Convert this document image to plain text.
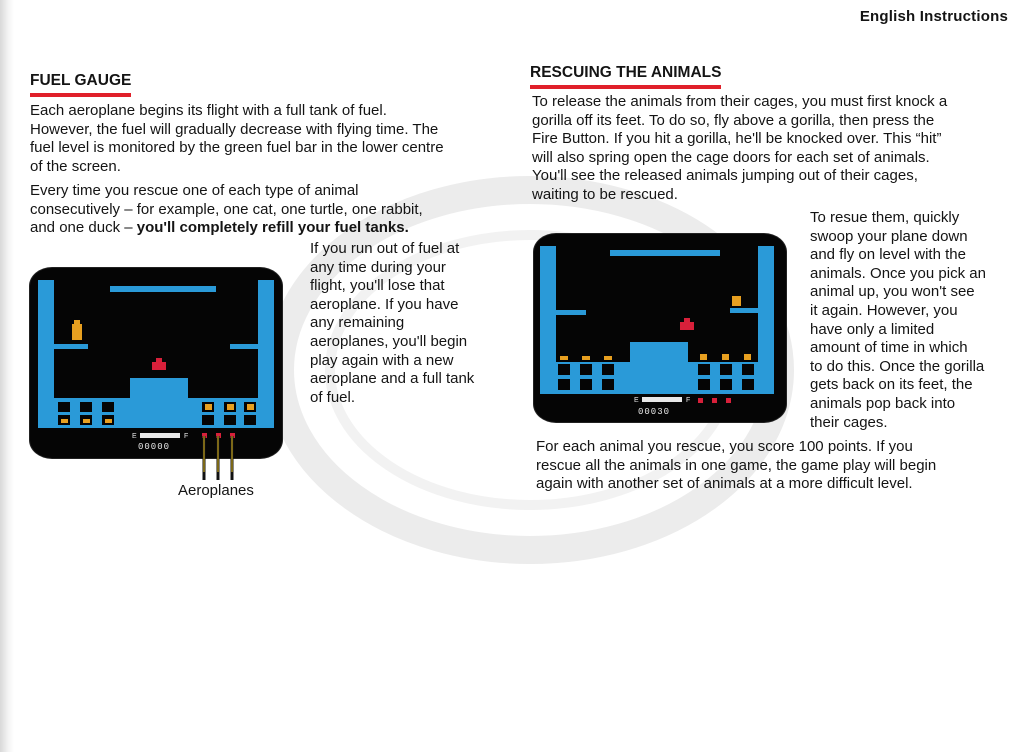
English Instructions
FUEL GAUGE

Each aeroplane begins its flight with a full tank of fuel.
However, the fuel will gradually decrease with flying time. The
fuel level is monitored by the green fuel bar in the lower centre
of the screen.

Every time you rescue one of each type of animal
consecutively – for example, one cat, one turtle, one rabbit,
and one duck – you'll completely refill your fuel tanks.

If you run out of fuel at
any time during your
flight, you'll lose that
aeroplane. If you have
any remaining
aeroplanes, you'll begin
play again with a new
aeroplane and a full tank
of fuel.

E	F
00000
Aeroplanes
RESCUING THE ANIMALS

To release the animals from their cages, you must first knock a
gorilla off its feet. To do so, fly above a gorilla, then press the
Fire Button. If you hit a gorilla, he'll be knocked over. This “hit”
will also spring open the cage doors for each set of animals.
You'll see the released animals jumping out of their cages,
waiting to be rescued.

To resue them, quickly
swoop your plane down
and fly on level with the
animals. Once you pick an
animal up, you won't see
it again. However, you
have only a limited
amount of time in which
to do this. Once the gorilla
gets back on its feet, the
animals pop back into
their cages.

E	F
00030

For each animal you rescue, you score 100 points. If you
rescue all the animals in one game, the game play will begin
again with another set of animals at a more difficult level.
